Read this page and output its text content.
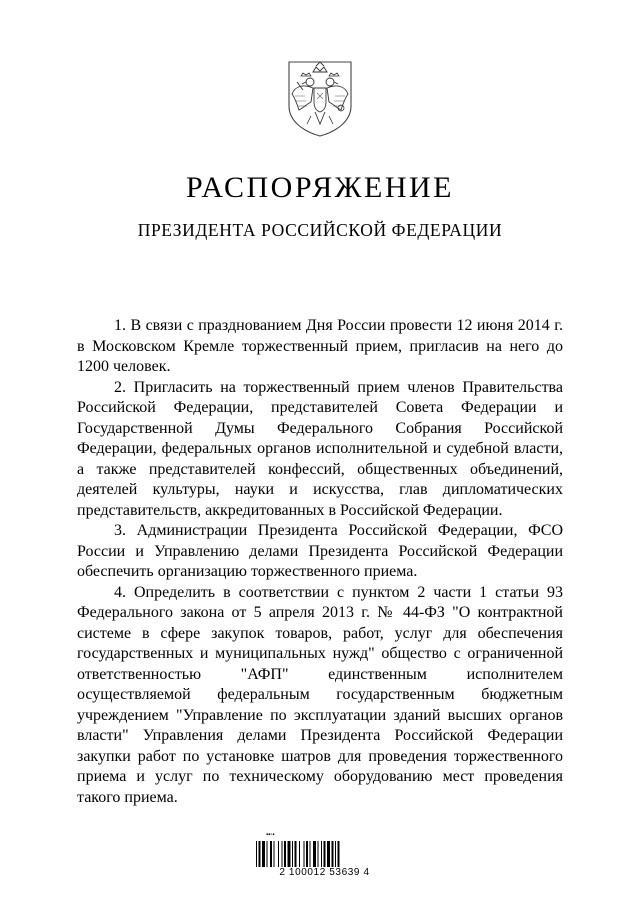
РАСПОРЯЖЕНИЕ
ПРЕЗИДЕНТА РОССИЙСКОЙ ФЕДЕРАЦИИ

1. В связи с празднованием Дня России провести 12 июня 2014 г. в Московском Кремле торжественный прием, пригласив на него до 1200 человек.

2. Пригласить на торжественный прием членов Правительства Российской Федерации, представителей Совета Федерации и Государственной Думы Федерального Собрания Российской Федерации, федеральных органов исполнительной и судебной власти, а также представителей конфессий, общественных объединений, деятелей культуры, науки и искусства, глав дипломатических представительств, аккредитованных в Российской Федерации.

3. Администрации Президента Российской Федерации, ФСО России и Управлению делами Президента Российской Федерации обеспечить организацию торжественного приема.

4. Определить в соответствии с пунктом 2 части 1 статьи 93 Федерального закона от 5 апреля 2013 г. № 44-ФЗ "О контрактной системе в сфере закупок товаров, работ, услуг для обеспечения государственных и муниципальных нужд" общество с ограниченной ответственностью "АФП" единственным исполнителем осуществляемой федеральным государственным бюджетным учреждением "Управление по эксплуатации зданий высших органов власти" Управления делами Президента Российской Федерации закупки работ по установке шатров для проведения торжественного приема и услуг по техническому оборудованию мест проведения такого приема.

▪▪▫▪
2 100012 53639 4
